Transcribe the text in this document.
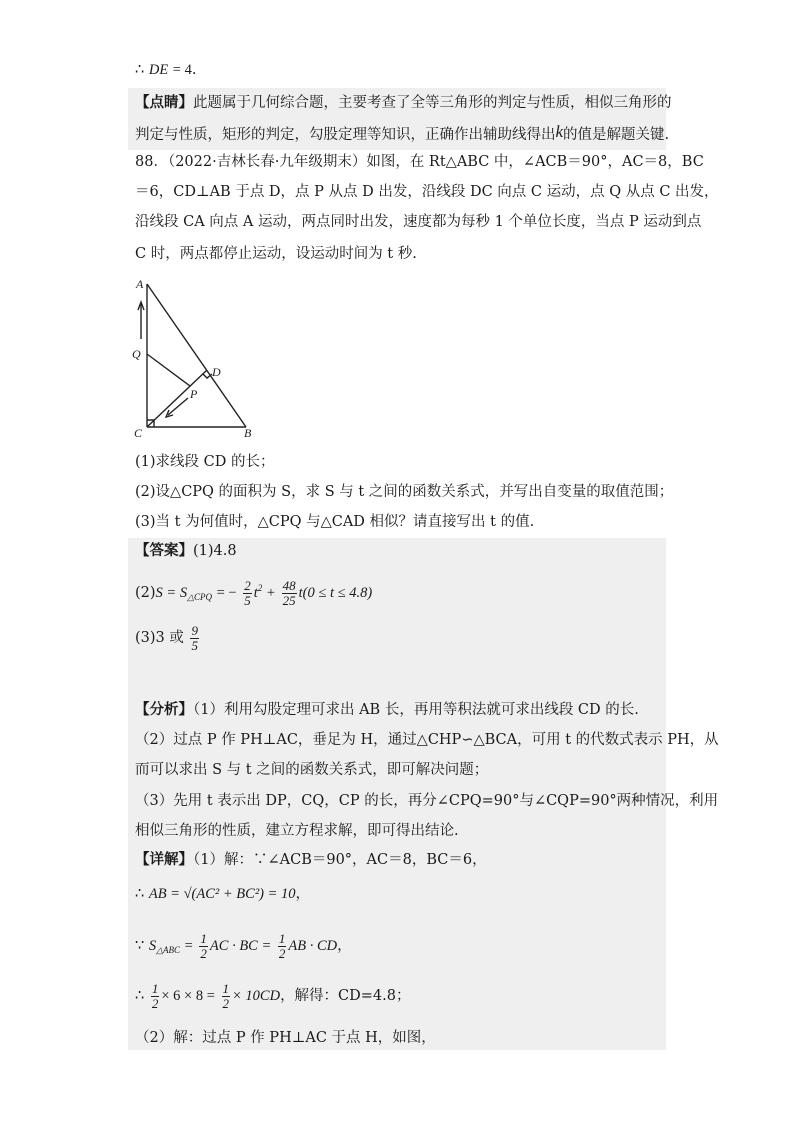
∴ DE = 4.
【点睛】此题属于几何综合题，主要考查了全等三角形的判定与性质，相似三角形的
判定与性质，矩形的判定，勾股定理等知识，正确作出辅助线得出k的值是解题关键.
88．（2022·吉林长春·九年级期末）如图，在 Rt△ABC 中，∠ACB＝90°，AC＝8，BC
＝6，CD⊥AB 于点 D，点 P 从点 D 出发，沿线段 DC 向点 C 运动，点 Q 从点 C 出发，
沿线段 CA 向点 A 运动，两点同时出发，速度都为每秒 1 个单位长度，当点 P 运动到点
C 时，两点都停止运动，设运动时间为 t 秒.
A
Q
D
P
C	B
(1)求线段 CD 的长；
(2)设△CPQ 的面积为 S，求 S 与 t 之间的函数关系式，并写出自变量的取值范围；
(3)当 t 为何值时，△CPQ 与△CAD 相似？请直接写出 t 的值.
【答案】(1)4.8
$(2)S = S_{\triangle CPQ}$ = − $\frac{2}{5} t^2 + \frac{48}{25} t(0 \le t \le 4.8)$
(3)3 或 $\frac{9}{5}$
【分析】（1）利用勾股定理可求出 AB 长，再用等积法就可求出线段 CD 的长.
（2）过点 P 作 PH⊥AC，垂足为 H，通过△CHP∽△BCA，可用 t 的代数式表示 PH，从
而可以求出 S 与 t 之间的函数关系式，即可解决问题；
（3）先用 t 表示出 DP，CQ，CP 的长，再分∠CPQ=90°与∠CQP=90°两种情况，利用
相似三角形的性质，建立方程求解，即可得出结论.
【详解】（1）解：∵∠ACB＝90°，AC＝8，BC＝6，
∴ AB = √(AC² + BC²) = 10，
∵ $S_{\triangle ABC} = \frac{1}{2}$ AC · BC = $\frac{1}{2}$ AB · CD，
∴ $\frac{1}{2} \times 6 \times 8 = \frac{1}{2} \times 10CD$，解得：CD=4.8；
（2）解：过点 P 作 PH⊥AC 于点 H，如图，
